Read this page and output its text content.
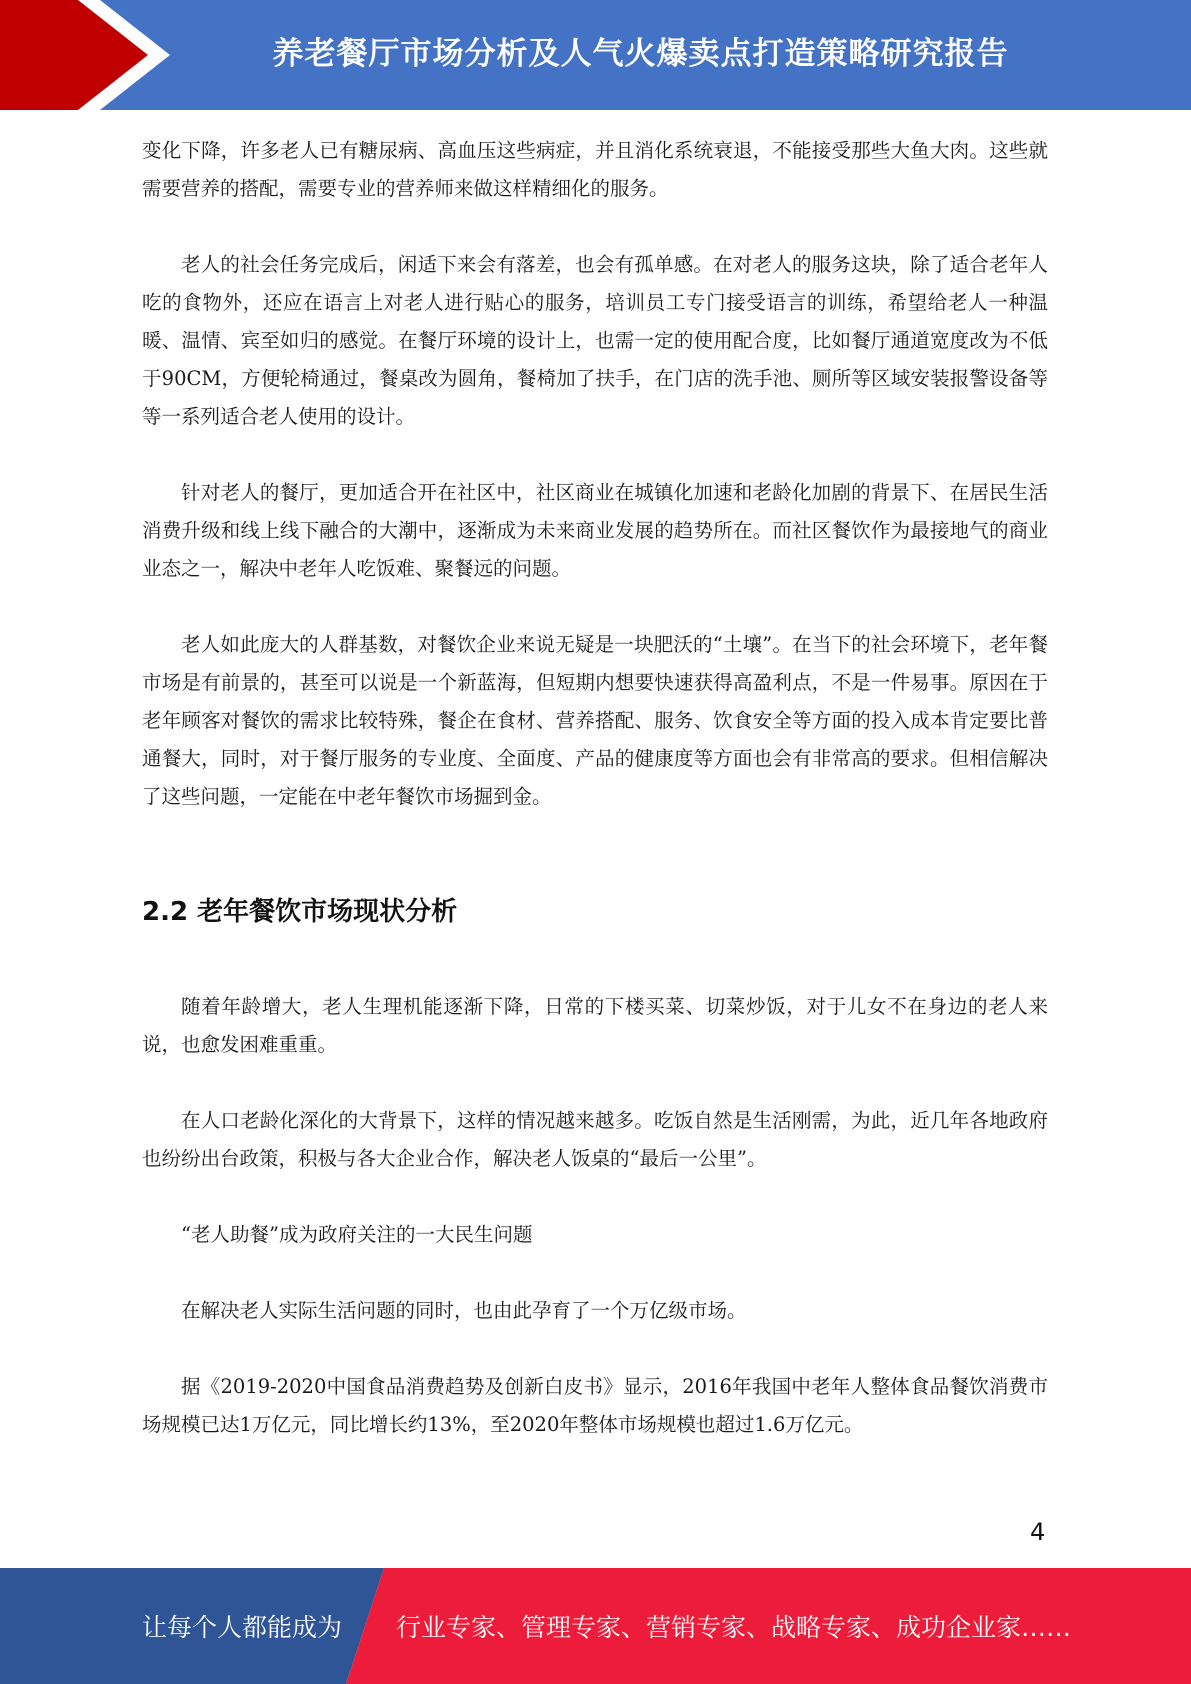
养老餐厅市场分析及人气火爆卖点打造策略研究报告

变化下降，许多老人已有糖尿病、高血压这些病症，并且消化系统衰退，不能接受那些大鱼大肉。这些就需要营养的搭配，需要专业的营养师来做这样精细化的服务。

老人的社会任务完成后，闲适下来会有落差，也会有孤单感。在对老人的服务这块，除了适合老年人吃的食物外，还应在语言上对老人进行贴心的服务，培训员工专门接受语言的训练，希望给老人一种温暖、温情、宾至如归的感觉。在餐厅环境的设计上，也需一定的使用配合度，比如餐厅通道宽度改为不低于90CM，方便轮椅通过，餐桌改为圆角，餐椅加了扶手，在门店的洗手池、厕所等区域安装报警设备等等一系列适合老人使用的设计。

针对老人的餐厅，更加适合开在社区中，社区商业在城镇化加速和老龄化加剧的背景下、在居民生活消费升级和线上线下融合的大潮中，逐渐成为未来商业发展的趋势所在。而社区餐饮作为最接地气的商业业态之一，解决中老年人吃饭难、聚餐远的问题。

老人如此庞大的人群基数，对餐饮企业来说无疑是一块肥沃的“土壤”。在当下的社会环境下，老年餐市场是有前景的，甚至可以说是一个新蓝海，但短期内想要快速获得高盈利点，不是一件易事。原因在于老年顾客对餐饮的需求比较特殊，餐企在食材、营养搭配、服务、饮食安全等方面的投入成本肯定要比普通餐大，同时，对于餐厅服务的专业度、全面度、产品的健康度等方面也会有非常高的要求。但相信解决了这些问题，一定能在中老年餐饮市场掘到金。

2.2 老年餐饮市场现状分析

随着年龄增大，老人生理机能逐渐下降，日常的下楼买菜、切菜炒饭，对于儿女不在身边的老人来说，也愈发困难重重。

在人口老龄化深化的大背景下，这样的情况越来越多。吃饭自然是生活刚需，为此，近几年各地政府也纷纷出台政策，积极与各大企业合作，解决老人饭桌的“最后一公里”。

“老人助餐”成为政府关注的一大民生问题

在解决老人实际生活问题的同时，也由此孕育了一个万亿级市场。

据《2019-2020中国食品消费趋势及创新白皮书》显示，2016年我国中老年人整体食品餐饮消费市场规模已达1万亿元，同比增长约13%，至2020年整体市场规模也超过1.6万亿元。

4
让每个人都能成为 行业专家、管理专家、营销专家、战略专家、成功企业家……
